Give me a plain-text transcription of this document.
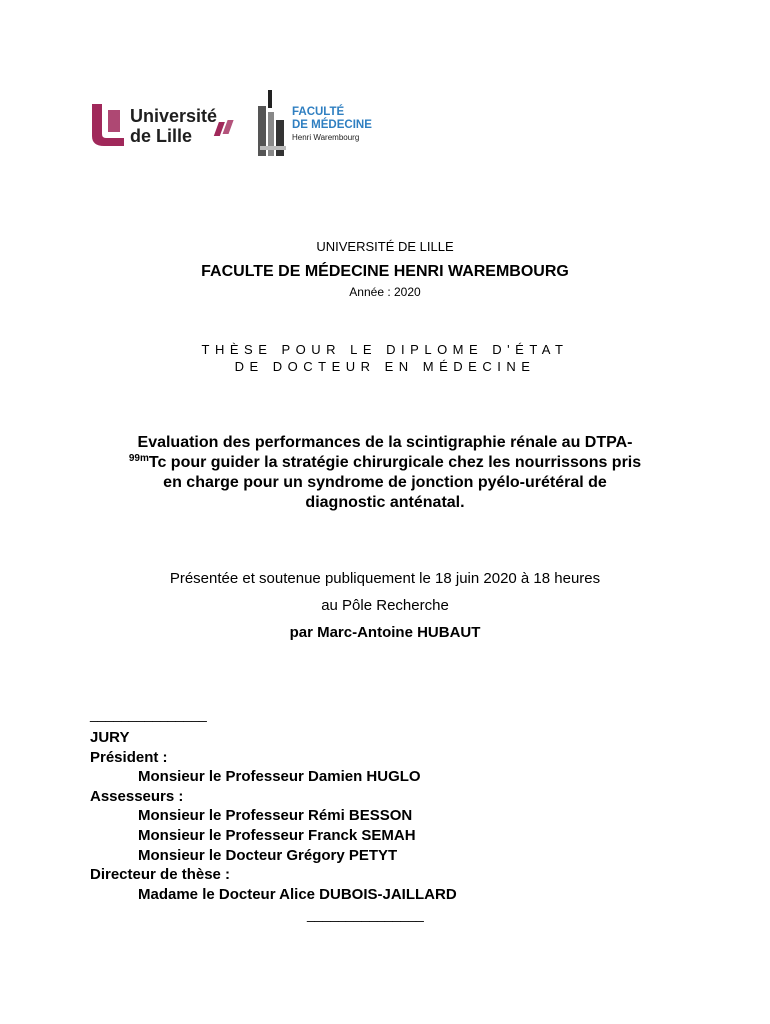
Université
de Lille
FACULTÉ
DE MÉDECINE
Henri Warembourg
UNIVERSITÉ DE LILLE
FACULTE DE MÉDECINE HENRI WAREMBOURG
Année : 2020
THÈSE POUR LE DIPLOME D'ÉTAT
DE DOCTEUR EN MÉDECINE
Evaluation des performances de la scintigraphie rénale au DTPA-
$^{99m}$Tc pour guider la stratégie chirurgicale chez les nourrissons pris
en charge pour un syndrome de jonction pyélo-urétéral de
diagnostic anténatal.
Présentée et soutenue publiquement le 18 juin 2020 à 18 heures
au Pôle Recherche
par Marc-Antoine HUBAUT
_______________
JURY
Président :
Monsieur le Professeur Damien HUGLO
Assesseurs :
Monsieur le Professeur Rémi BESSON
Monsieur le Professeur Franck SEMAH
Monsieur le Docteur Grégory PETYT
Directeur de thèse :
Madame le Docteur Alice DUBOIS-JAILLARD
_______________
